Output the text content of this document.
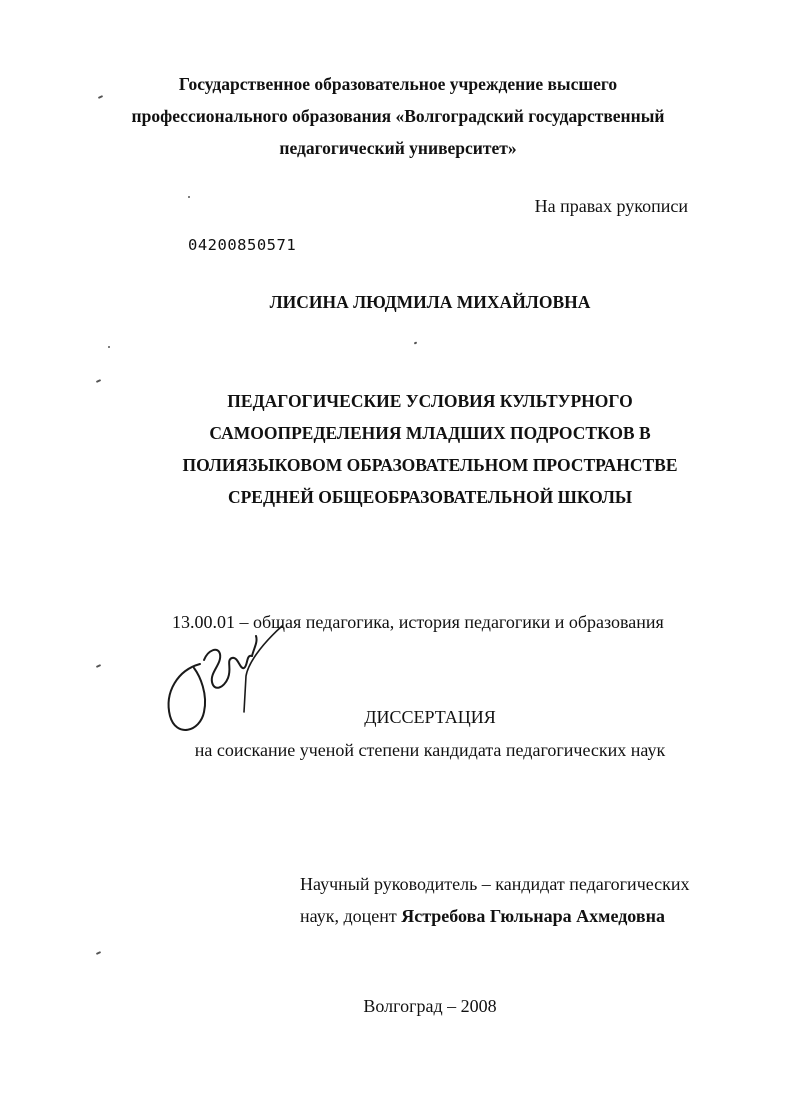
Государственное образовательное учреждение высшего
профессионального образования «Волгоградский государственный
педагогический университет»
На правах рукописи
04200850571
ЛИСИНА ЛЮДМИЛА МИХАЙЛОВНА
ПЕДАГОГИЧЕСКИЕ УСЛОВИЯ КУЛЬТУРНОГО
САМООПРЕДЕЛЕНИЯ МЛАДШИХ ПОДРОСТКОВ В
ПОЛИЯЗЫКОВОМ ОБРАЗОВАТЕЛЬНОМ ПРОСТРАНСТВЕ
СРЕДНЕЙ ОБЩЕОБРАЗОВАТЕЛЬНОЙ ШКОЛЫ
13.00.01 – общая педагогика, история педагогики и образования
ДИССЕРТАЦИЯ
на соискание ученой степени кандидата педагогических наук
Научный руководитель – кандидат педагогических
наук, доцент Ястребова Гюльнара Ахмедовна
Волгоград – 2008
